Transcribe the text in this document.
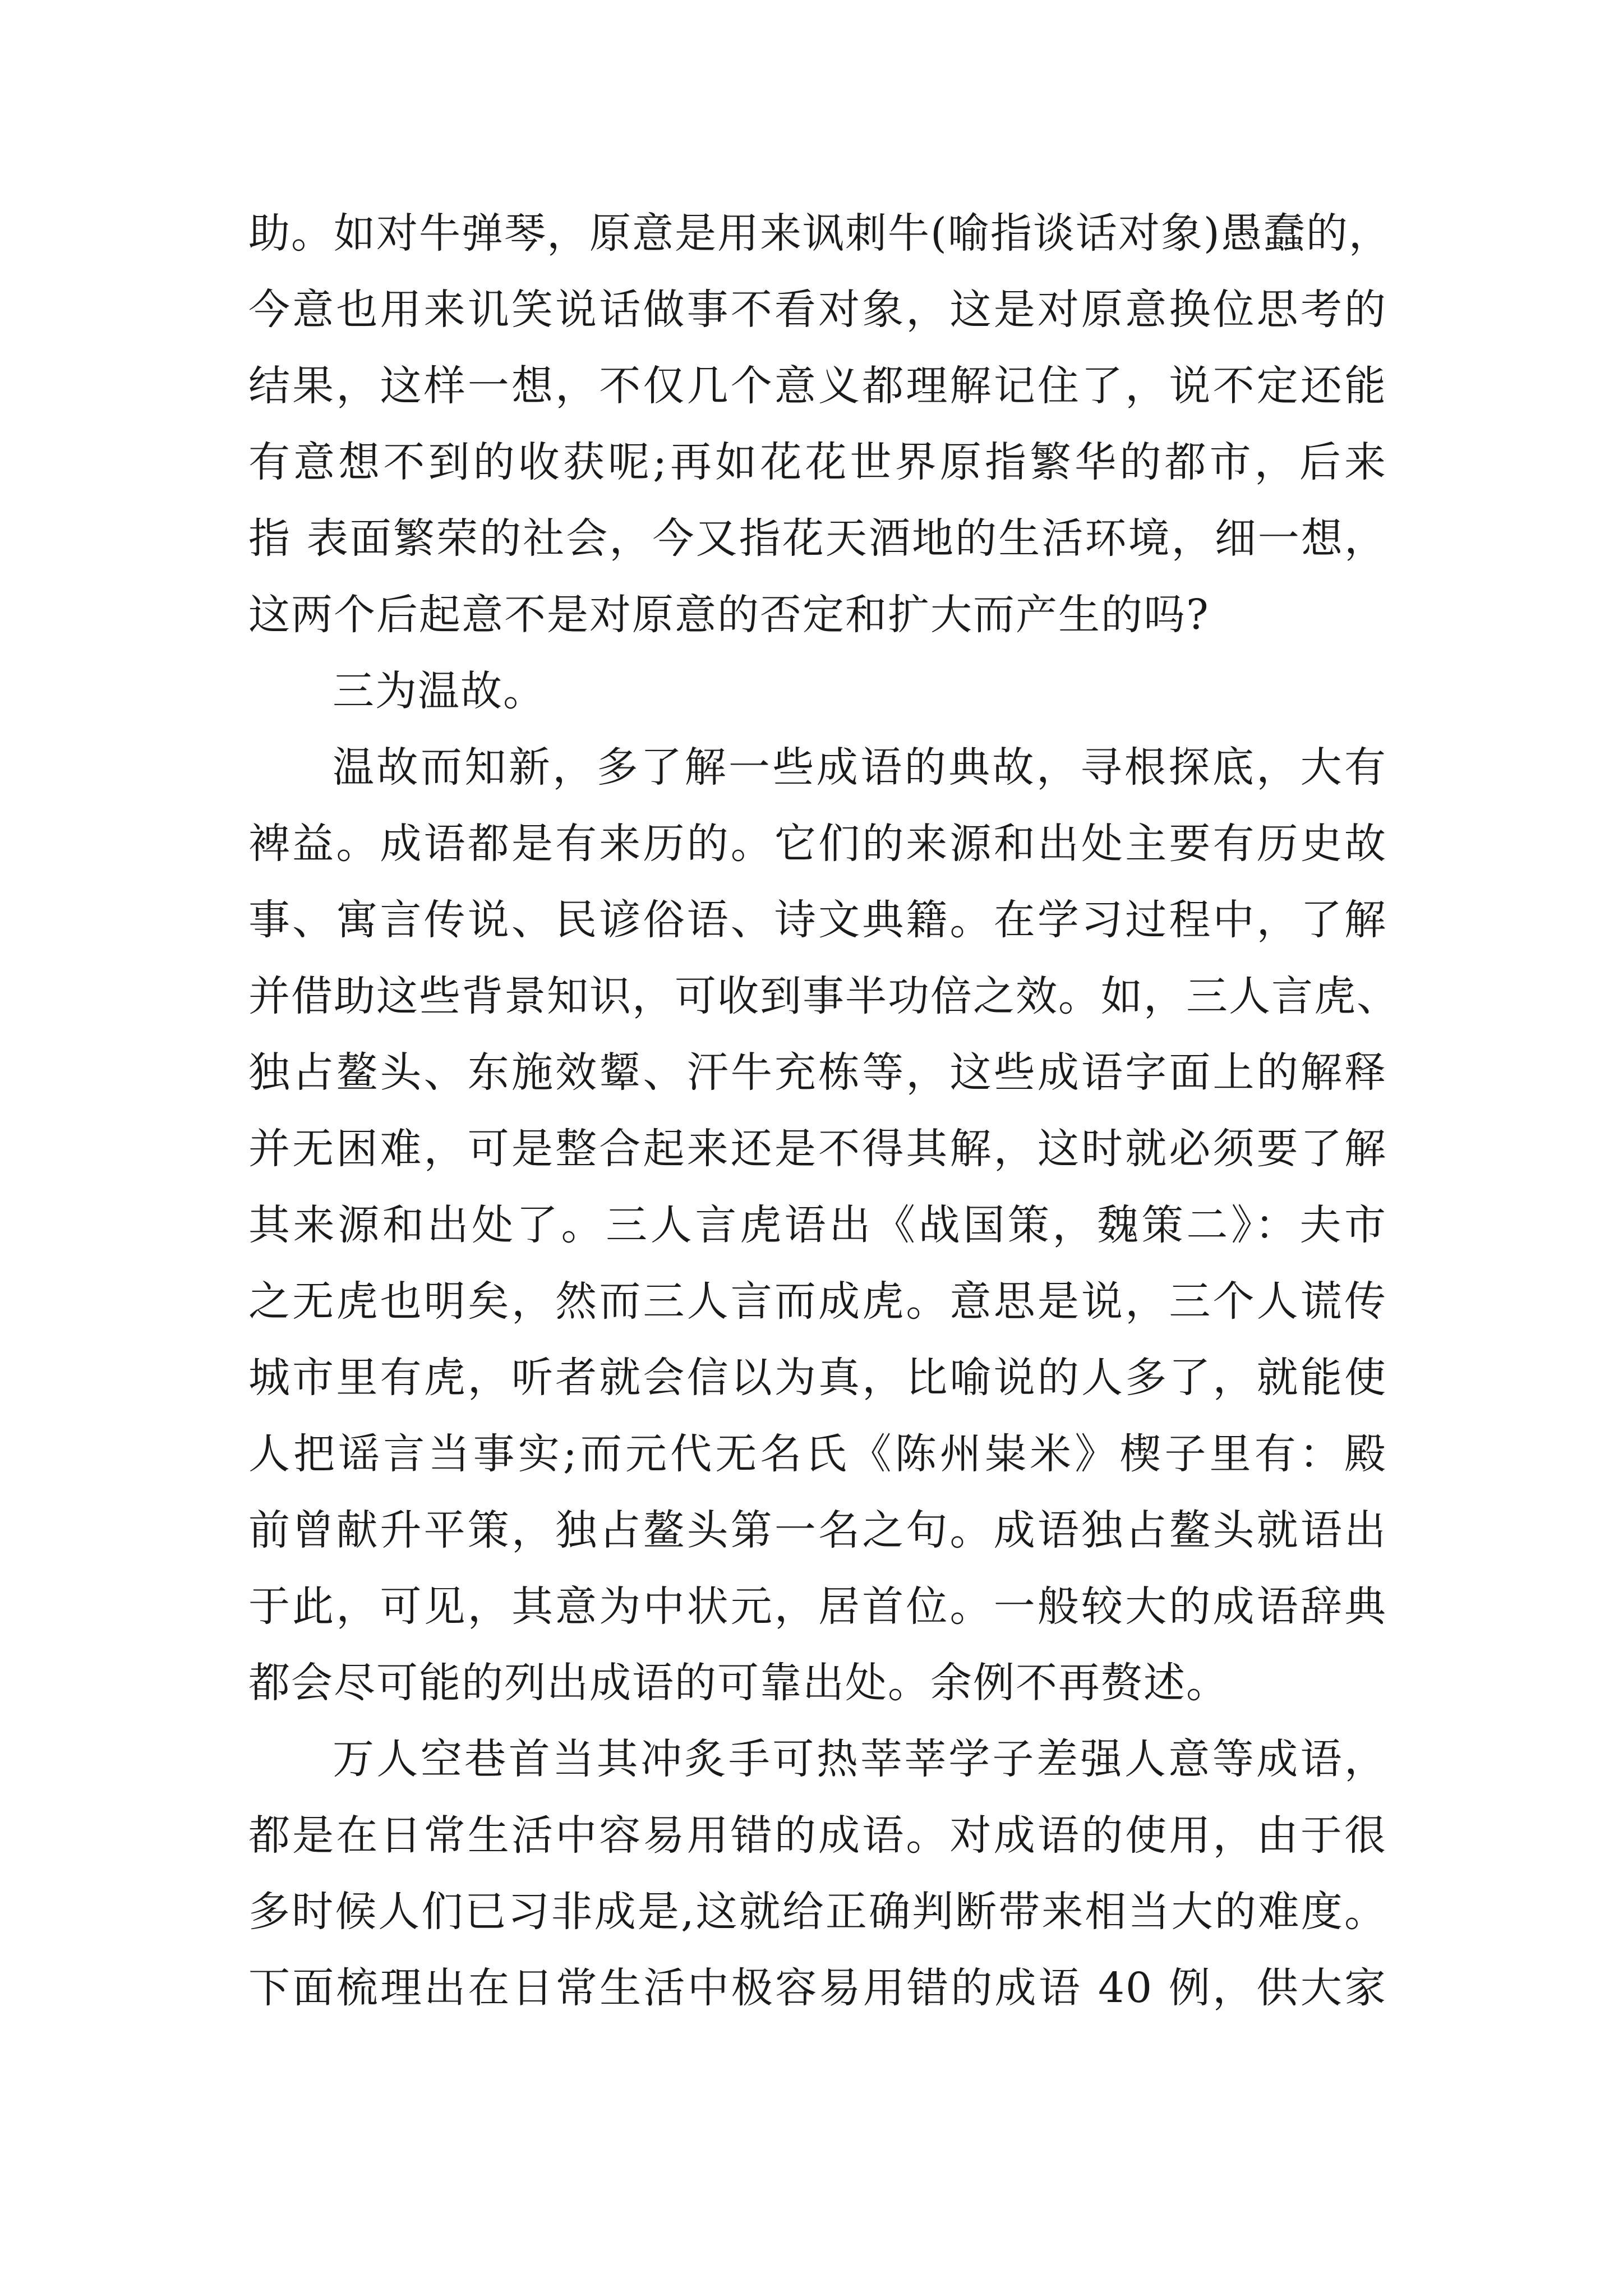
助。如对牛弹琴，原意是用来讽刺牛(喻指谈话对象)愚蠢的，
今意也用来讥笑说话做事不看对象，这是对原意换位思考的
结果，这样一想，不仅几个意义都理解记住了，说不定还能
有意想不到的收获呢;再如花花世界原指繁华的都市，后来
指 表面繁荣的社会，今又指花天酒地的生活环境，细一想，
这两个后起意不是对原意的否定和扩大而产生的吗?
三为温故。
温故而知新，多了解一些成语的典故，寻根探底，大有
裨益。成语都是有来历的。它们的来源和出处主要有历史故
事、寓言传说、民谚俗语、诗文典籍。在学习过程中，了解
并借助这些背景知识，可收到事半功倍之效。如，三人言虎、
独占鳌头、东施效颦、汗牛充栋等，这些成语字面上的解释
并无困难，可是整合起来还是不得其解，这时就必须要了解
其来源和出处了。三人言虎语出《战国策，魏策二》：夫市
之无虎也明矣，然而三人言而成虎。意思是说，三个人谎传
城市里有虎，听者就会信以为真，比喻说的人多了，就能使
人把谣言当事实;而元代无名氏《陈州粜米》楔子里有：殿
前曾献升平策，独占鳌头第一名之句。成语独占鳌头就语出
于此，可见，其意为中状元，居首位。一般较大的成语辞典
都会尽可能的列出成语的可靠出处。余例不再赘述。
万人空巷首当其冲炙手可热莘莘学子差强人意等成语，
都是在日常生活中容易用错的成语。对成语的使用，由于很
多时候人们已习非成是,这就给正确判断带来相当大的难度。
下面梳理出在日常生活中极容易用错的成语 40 例，供大家
